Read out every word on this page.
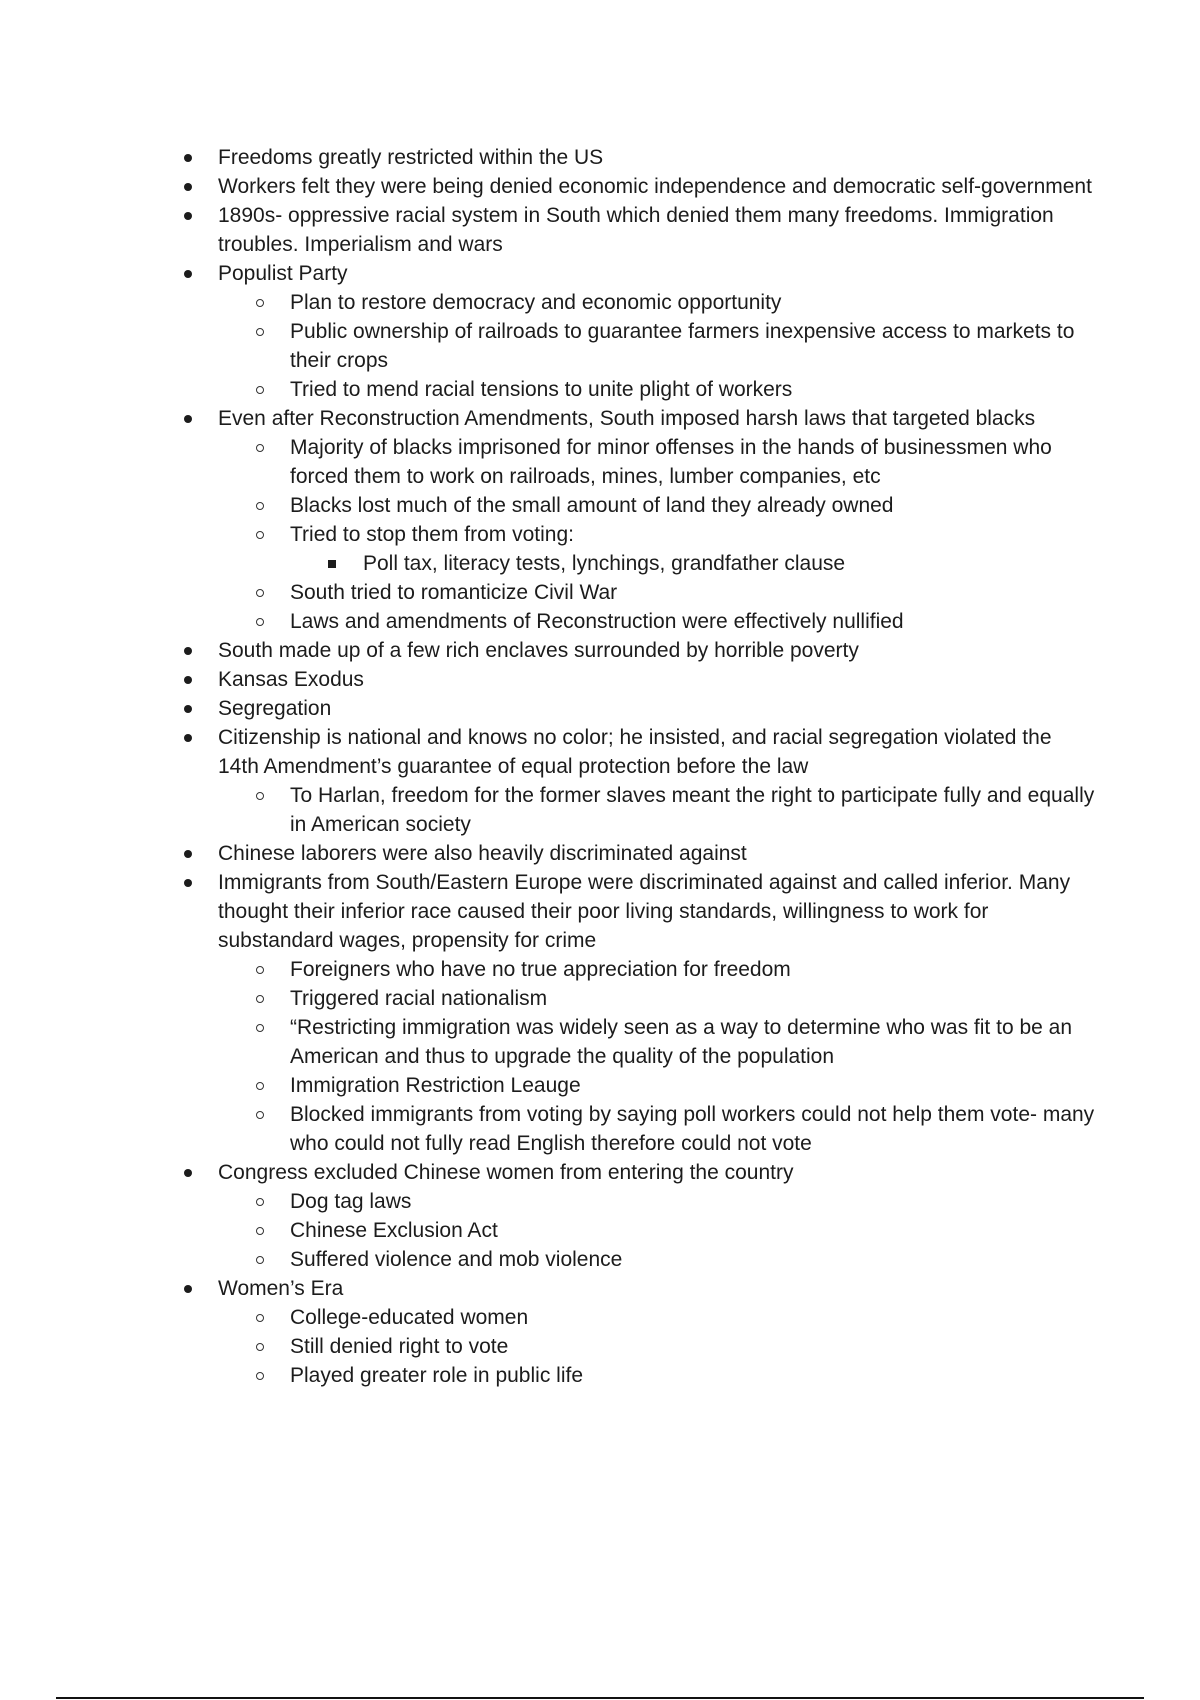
Freedoms greatly restricted within the US
Workers felt they were being denied economic independence and democratic self-government
1890s- oppressive racial system in South which denied them many freedoms. Immigration troubles. Imperialism and wars
Populist Party
Plan to restore democracy and economic opportunity
Public ownership of railroads to guarantee farmers inexpensive access to markets to their crops
Tried to mend racial tensions to unite plight of workers
Even after Reconstruction Amendments, South imposed harsh laws that targeted blacks
Majority of blacks imprisoned for minor offenses in the hands of businessmen who forced them to work on railroads, mines, lumber companies, etc
Blacks lost much of the small amount of land they already owned
Tried to stop them from voting:
Poll tax, literacy tests, lynchings, grandfather clause
South tried to romanticize Civil War
Laws and amendments of Reconstruction were effectively nullified
South made up of a few rich enclaves surrounded by horrible poverty
Kansas Exodus
Segregation
Citizenship is national and knows no color; he insisted, and racial segregation violated the 14th Amendment’s guarantee of equal protection before the law
To Harlan, freedom for the former slaves meant the right to participate fully and equally in American society
Chinese laborers were also heavily discriminated against
Immigrants from South/Eastern Europe were discriminated against and called inferior. Many thought their inferior race caused their poor living standards, willingness to work for substandard wages, propensity for crime
Foreigners who have no true appreciation for freedom
Triggered racial nationalism
“Restricting immigration was widely seen as a way to determine who was fit to be an American and thus to upgrade the quality of the population
Immigration Restriction Leauge
Blocked immigrants from voting by saying poll workers could not help them vote- many who could not fully read English therefore could not vote
Congress excluded Chinese women from entering the country
Dog tag laws
Chinese Exclusion Act
Suffered violence and mob violence
Women’s Era
College-educated women
Still denied right to vote
Played greater role in public life
